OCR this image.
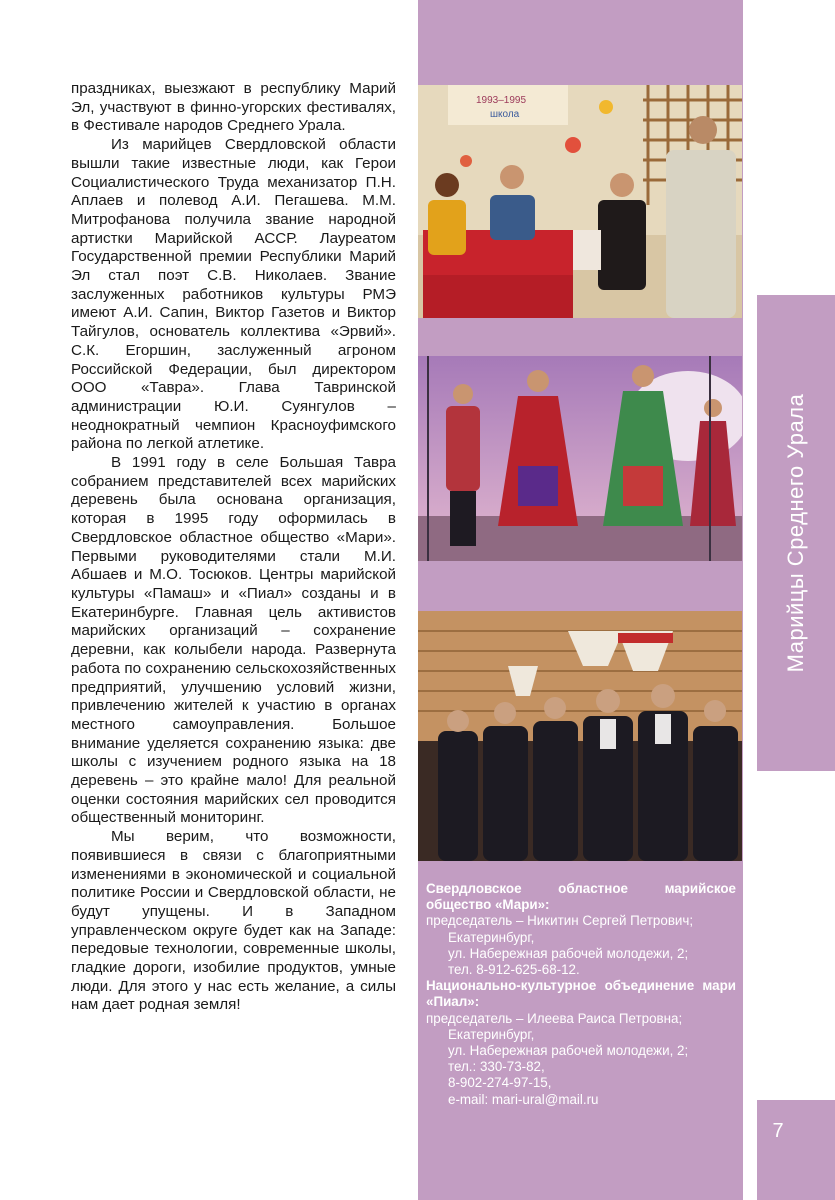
праздниках, выезжают в республику Марий Эл, участвуют в финно-угорских фестивалях, в Фестивале народов Среднего Урала.

Из марийцев Свердловской области вышли такие известные люди, как Герои Социалистического Труда механизатор П.Н. Аплаев и полевод А.И. Пегашева. М.М. Митрофанова получила звание народной артистки Марийской АССР. Лауреатом Государственной премии Республики Марий Эл стал поэт С.В. Николаев. Звание заслуженных работников культуры РМЭ имеют А.И. Сапин, Виктор Газетов и Виктор Тайгулов, основатель коллектива «Эрвий». С.К. Егоршин, заслуженный агроном Российской Федерации, был директором ООО «Тавра». Глава Тавринской администрации Ю.И. Суянгулов – неоднократный чемпион Красноуфимского района по легкой атлетике.

В 1991 году в селе Большая Тавра собранием представителей всех марийских деревень была основана организация, которая в 1995 году оформилась в Свердловское областное общество «Мари». Первыми руководителями стали М.И. Абшаев и М.О. Тосюков. Центры марийской культуры «Памаш» и «Пиал» созданы и в Екатеринбурге. Главная цель активистов марийских организаций – сохранение деревни, как колыбели народа. Развернута работа по сохранению сельскохозяйственных предприятий, улучшению условий жизни, привлечению жителей к участию в органах местного самоуправления. Большое внимание уделяется сохранению языка: две школы с изучением родного языка на 18 деревень – это крайне мало! Для реальной оценки состояния марийских сел проводится общественный мониторинг.

Мы верим, что возможности, появившиеся в связи с благоприятными изменениями в экономической и социальной политике России и Свердловской области, не будут упущены. И в Западном управленческом округе будет как на Западе: передовые технологии, современные школы, гладкие дороги, изобилие продуктов, умные люди. Для этого у нас есть желание, а силы нам дает родная земля!

1993–1995
школа
Марийцы Среднего Урала
7
Свердловское областное марийское общество «Мари»:
председатель – Никитин Сергей Петрович;
Екатеринбург,
ул. Набережная рабочей молодежи, 2;
тел. 8-912-625-68-12.
Национально-культурное объединение мари «Пиал»:
председатель – Илеева Раиса Петровна;
Екатеринбург,
ул. Набережная рабочей молодежи, 2;
тел.: 330-73-82,
8-902-274-97-15,
e-mail: mari-ural@mail.ru
